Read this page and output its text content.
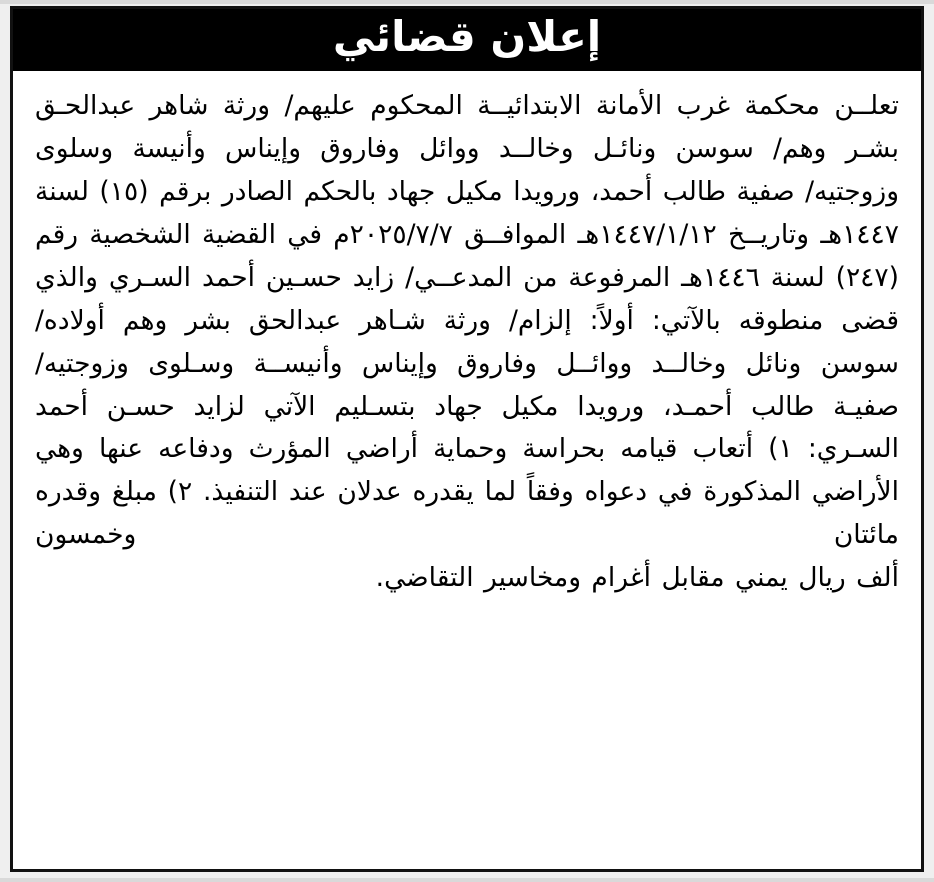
إعلان قضائي
تعلــن محكمة غرب الأمانة الابتدائيــة المحكوم عليهم/ ورثة شاهر عبدالحـق بشـر وهم/ سوسن ونائـل وخالــد ووائل وفاروق وإيناس وأنيسة وسلوى وزوجتيه/ صفية طالب أحمد، ورويدا مكيل جهاد بالحكم الصادر برقم (١٥) لسنة ١٤٤٧هـ وتاريــخ ١٤٤٧/١/١٢هـ الموافــق ٢٠٢٥/٧/٧م في القضية الشخصية رقم (٢٤٧) لسنة ١٤٤٦هـ المرفوعة من المدعــي/ زايد حسـين أحمد السـري والذي قضى منطوقه بالآتي: أولاً: إلزام/ ورثة شـاهر عبدالحق بشر وهم أولاده/ سوسن ونائل وخالــد ووائــل وفاروق وإيناس وأنيســة وسـلوى وزوجتيه/ صفيـة طالب أحمـد، ورويدا مكيل جهاد بتسـليم الآتي لزايد حسـن أحمد السـري: ١) أتعاب قيامه بحراسة وحماية أراضي المؤرث ودفاعه عنها وهي الأراضي المذكورة في دعواه وفقاً لما يقدره عدلان عند التنفيذ. ٢) مبلغ وقدره مائتان وخمسون
ألف ريال يمني مقابل أغرام ومخاسير التقاضي.
